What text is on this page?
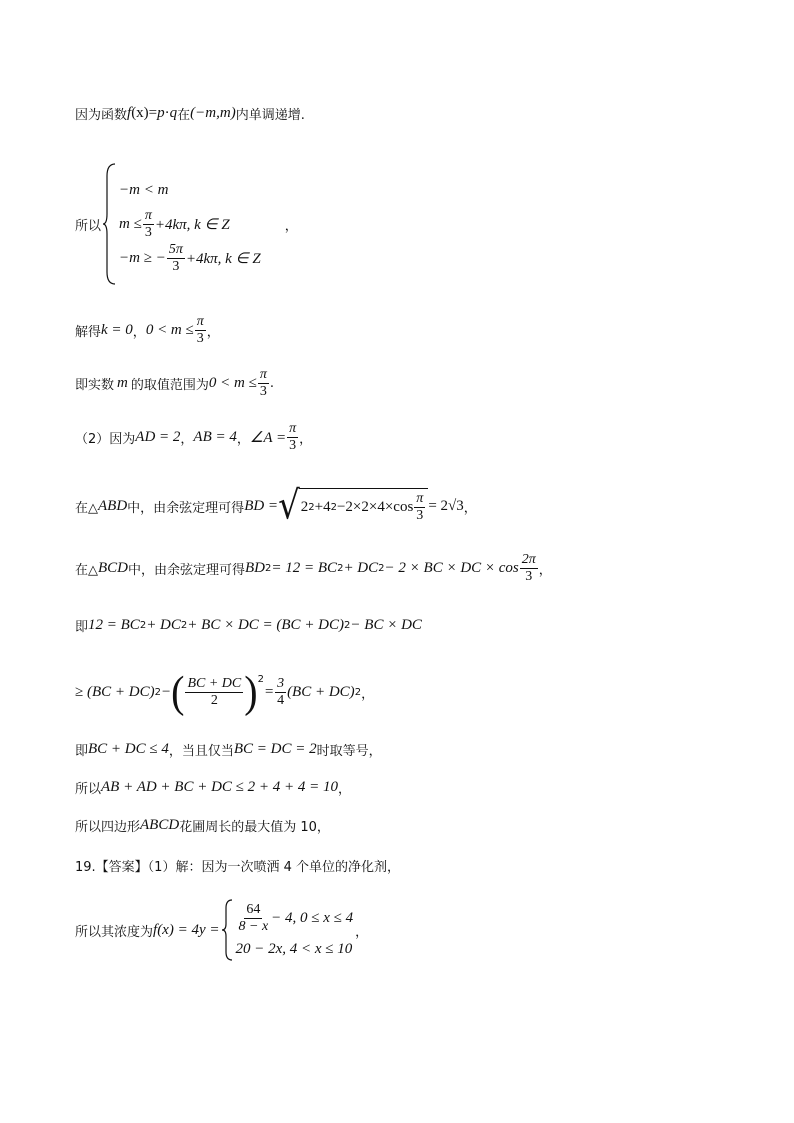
因为函数 f (x)= p · q 在 (−m,m) 内单调递增.
所以
−m < m
$m \le \frac{\pi}{3} +4k\pi$, k ∈ Z
−m ≥ − $\frac{5\pi}{3} +4k\pi$, k ∈ Z
，
解得 k = 0 ， $0 < m \le \frac{\pi}{3}$ ，
即实数 m 的取值范围为 $0 < m \le \frac{\pi}{3}$ .
（2）因为 AD = 2 ， AB = 4 ， ∠A = $\frac{\pi}{3}$ ，
在△ ABD 中，由余弦定理可得 BD = √ 2 2 +4 $2 -2\times 2\times 4\times\cos \frac{\pi}{3} = 2√3$ ，
在△ BCD 中，由余弦定理可得 BD 2 = 12 = BC 2 + DC 2 − 2 × BC × DC × $\cos \frac{2\pi}{3}$ ，
即 12 = BC 2 + DC 2 + BC × DC = (BC + DC) 2 − BC × DC
≥ (BC + DC) 2 − ( $\frac{BC + DC}{2} )^2$
= $\frac{3}{4} (BC + DC)$ 2 ，
即 BC + DC ≤ 4 ，当且仅当 BC = DC = 2 时取等号，
所以 AB + AD + BC + DC ≤ 2 + 4 + 4 = 10 ，
所以四边形 ABCD 花圃周长的最大值为 10，
19.【答案】（1）解：因为一次喷洒 4 个单位的净化剂，
所以其浓度为 f $(x) = 4y = \frac{64}{8 - x} - 4$, 0 ≤ x ≤ 4
20 − 2x, 4 < x ≤ 10
，
